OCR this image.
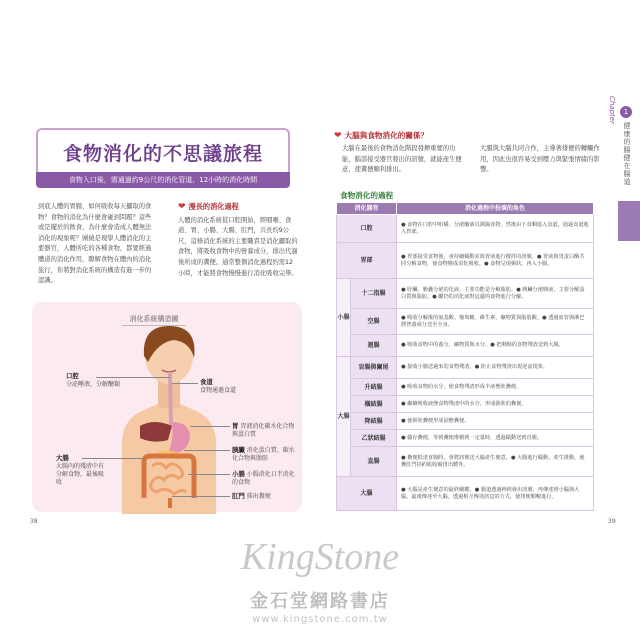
食物消化的不思議旅程
食物入口後，需通過約9公尺的消化管道、12小時的消化時間
到底人體的胃腸，如何吸收每天攝取的食物？食物的消化為什麼會碰到問題？這些或是擺於的飲食，為什麼會造成人體無法消化的現象呢？圍繞是現學人體消化的主要器官，人體所吃的各種食物，都要經過體道的消化作用，瞭解食物在體內的消化旅行，你將對消化系統的構造有進一步的認識。
❤ 漫長的消化過程
人體的消化系統從口腔開始，經咽喉、食道、胃、小腸、大腸、肛門，共長約9公尺，這條消化系統的主要職責是消化攝取的食物，將吸收食物中的營養成分，排出代謝後所成的糞便。通常整個消化過程約需12小時，才能將食物慢慢進行消化吸收完畢。
消化系統構造圖
口腔
分泌唾液，分解醣類	食道
食物通過食道
胃 胃液消化碳水化合物與蛋白質
胰臟 消化蛋白質、碳水化合物與脂肪
小腸 小腸消化日半消化的食物
大腸
大腸內的殘渣中有分解食物，最後吸收
肛門 排出糞便
38
❤ 大腦與食物消化的關係？
大腦在最後的食物消化階段發揮重要的功能，腦部接受器官發出的訊號，就能產生便意，使糞便順利排出。
大腸與大腦共同合作，主導著排便的轉觸作用，因此也很容易受到壓力與緊張情緒的影響。
食物消化的過程
消化器官		消化過程中扮演的角色
口腔		● 食物在口腔中咀嚼，分泌醣液以潤濕食物，然後由下食咽進入食道，通過食道進入胃部。
胃部		● 胃部接受食物後，會持續蠕動並與胃液進行攪拌的訊號。● 胃液與胃蛋白酶共同分解食物，使食物變成消化吸收。● 食物呈現粥狀，再入小腸。
小腸	十二指腸	● 肝臟、膽囊分泌的化液，主要功能是分解脂肪。● 胰臟分泌胰液，主要分解蛋白質與脂肪。● 繼仍的消化液對這邊的食物進行分解。
	空腸	● 吸收分解後的氨基酸、葡萄糖、維生素、礦物質與脂肪酸。● 透過血管與淋巴將營養成分送至全身。
	迴腸	● 吸收食物中的養分，礦物質與水分。● 把剩餘的食物殘渣送到大腸。
大腸	盲腸與闌尾	● 接收小腸送過來的食物殘渣。● 防止食物殘渣出現逆流現象。
	升結腸	● 吸收食物的水分，使食物殘渣形成半液態狀糞便。
	橫結腸	● 繼續吸收液態食物殘渣中的水分，形成粥狀的糞便。
	降結腸	● 使粥狀糞便形成固態糞便。
	乙狀結腸	● 儲存糞便，等到糞便堆積到一定量時，透過蠕動送到直腸。
	直腸	● 糞便抵達直腸時，會將訊號送大腦產生便意。● 大腸進行蠕動，產生推動，使糞肛門括約肌收縮排出體外。
大腦		● 大腦是產生便意的最終關鍵。● 腸道透過神經發出訊號，再傳達到小腦與大腦，最後傳達至大腦，透過相互傳達訊息的方式，使排便順暢進行。
39
1
Chapter
健康的腸健在腸道
KingStone
金石堂網路書店
www.kingstone.com.tw
